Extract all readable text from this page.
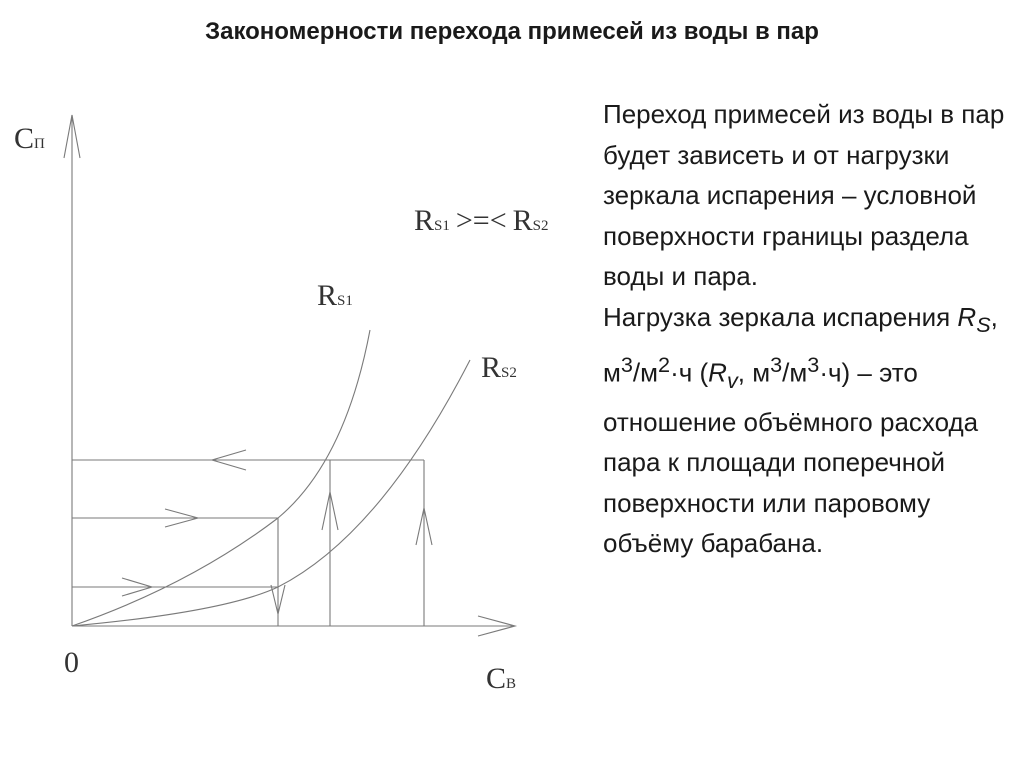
Закономерности перехода примесей из воды в пар
CП
CВ
0
RS1
RS2
RS1 >=< RS2

Переход примесей из воды в пар будет зависеть и от нагрузки зеркала испарения – условной поверхности границы раздела воды и пара.

Нагрузка зеркала испарения $R_S$, $м^3/м^2\cdot ч$ ($R_v$, $м^3/м^3\cdot ч$) – это отношение объёмного расхода пара к площади поперечной поверхности или паровому объёму барабана.
